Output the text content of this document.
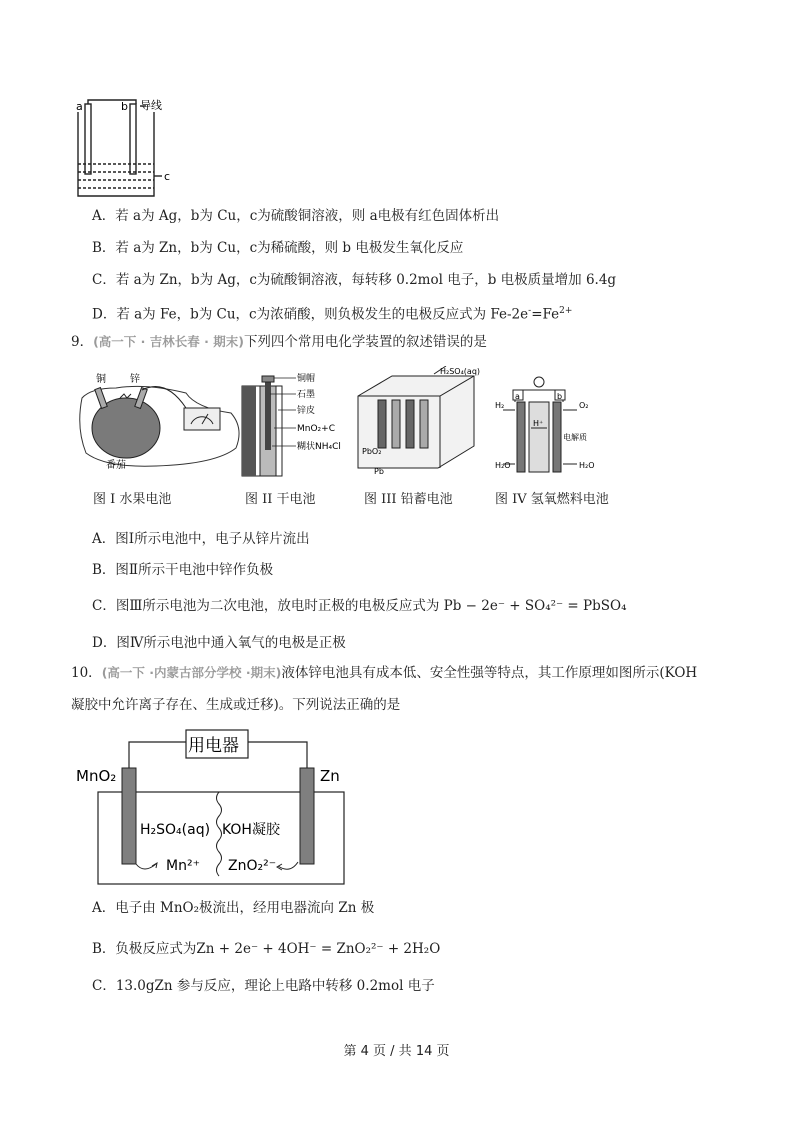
a	b 导线
c
A．若 a为 Ag，b为 Cu，c为硫酸铜溶液，则 a电极有红色固体析出
B．若 a为 Zn，b为 Cu，c为稀硫酸，则 b 电极发生氧化反应
C．若 a为 Zn，b为 Ag，c为硫酸铜溶液，每转移 0.2mol 电子，b 电极质量增加 6.4g
D．若 a为 Fe，b为 Cu，c为浓硝酸，则负极发生的电极反应式为 $Fe-2e^-=Fe^{2+}$
9．(高一下 · 吉林长春 · 期末)下列四个常用电化学装置的叙述错误的是
铜 锌
番茄
图 I 水果电池
铜帽
石墨
锌皮
MnO₂+C
糊状NH₄Cl
图 II 干电池
H₂SO₄(aq)
PbO₂
Pb
图 III 铅蓄电池
a	b
H₂	O₂
H⁺
电解质
H₂O	H₂O
图 IV 氢氧燃料电池
A．图Ⅰ所示电池中，电子从锌片流出
B．图Ⅱ所示干电池中锌作负极
C．图Ⅲ所示电池为二次电池，放电时正极的电极反应式为 Pb − 2e⁻ + SO₄²⁻ = PbSO₄
D．图Ⅳ所示电池中通入氧气的电极是正极
10．(高一下 ·内蒙古部分学校 ·期末)液体锌电池具有成本低、安全性强等特点，其工作原理如图所示(KOH
凝胶中允许离子存在、生成或迁移)。下列说法正确的是
用电器
MnO₂	Zn
H₂SO₄(aq) KOH凝胶
Mn²⁺ ZnO₂²⁻
A．电子由 MnO₂极流出，经用电器流向 Zn 极
B．负极反应式为Zn + 2e⁻ + 4OH⁻ = ZnO₂²⁻ + 2H₂O
C．13.0gZn 参与反应，理论上电路中转移 0.2mol 电子
第 4 页 / 共 14 页
